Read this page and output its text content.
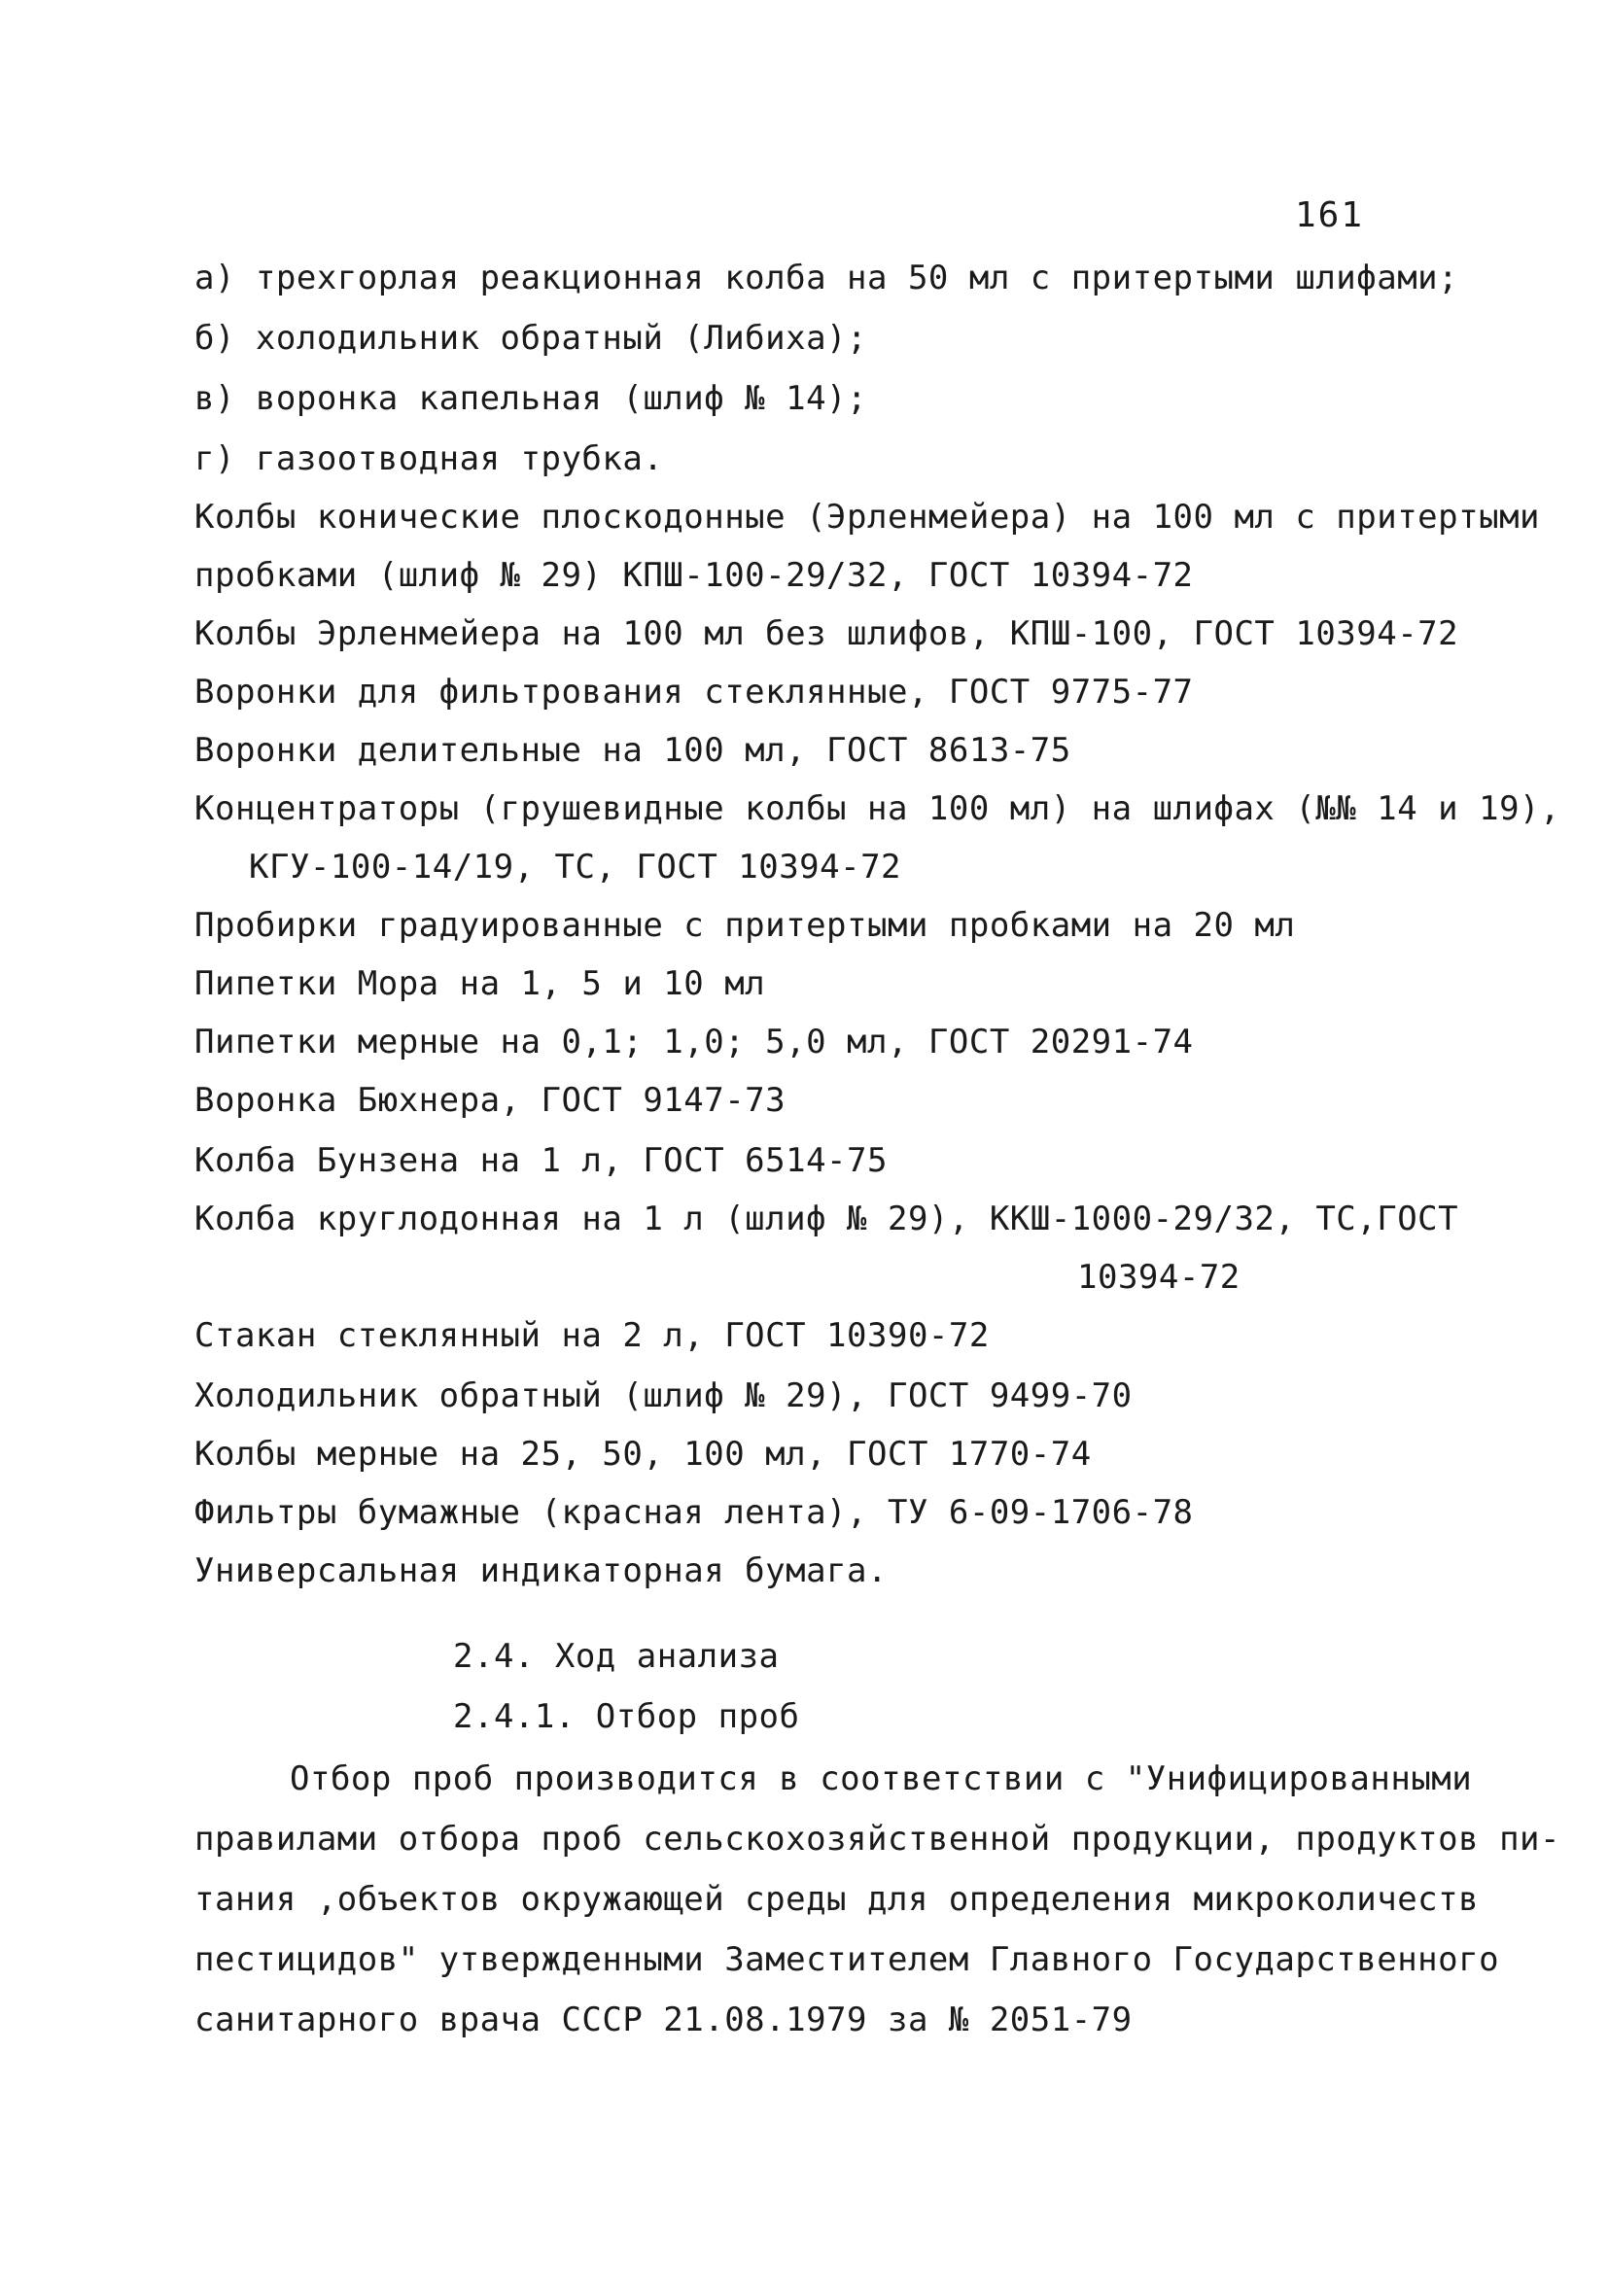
161
а) трехгорлая реакционная колба на 50 мл с притертыми шлифами;
б) холодильник обратный (Либиха);
в) воронка капельная (шлиф № 14);
г) газоотводная трубка.
Колбы конические плоскодонные (Эрленмейера) на 100 мл с притертыми
пробками (шлиф № 29) КПШ-100-29/32, ГОСТ 10394-72
Колбы Эрленмейера на 100 мл без шлифов, КПШ-100, ГОСТ 10394-72
Воронки для фильтрования стеклянные, ГОСТ 9775-77
Воронки делительные на 100 мл, ГОСТ 8613-75
Концентраторы (грушевидные колбы на 100 мл) на шлифах (№№ 14 и 19),
КГУ-100-14/19, ТС, ГОСТ 10394-72
Пробирки градуированные с притертыми пробками на 20 мл
Пипетки Мора на 1, 5 и 10 мл
Пипетки мерные на 0,1; 1,0; 5,0 мл, ГОСТ 20291-74
Воронка Бюхнера, ГОСТ 9147-73
Колба Бунзена на 1 л, ГОСТ 6514-75
Колба круглодонная на 1 л (шлиф № 29), ККШ-1000-29/32, ТС,ГОСТ
10394-72
Стакан стеклянный на 2 л, ГОСТ 10390-72
Холодильник обратный (шлиф № 29), ГОСТ 9499-70
Колбы мерные на 25, 50, 100 мл, ГОСТ 1770-74
Фильтры бумажные (красная лента), ТУ 6-09-1706-78
Универсальная индикаторная бумага.
2.4. Ход анализа
2.4.1. Отбор проб
Отбор проб производится в соответствии с "Унифицированными
правилами отбора проб сельскохозяйственной продукции, продуктов пи-
тания ,объектов окружающей среды для определения микроколичеств
пестицидов" утвержденными Заместителем Главного Государственного
санитарного врача СССР 21.08.1979 за № 2051-79
